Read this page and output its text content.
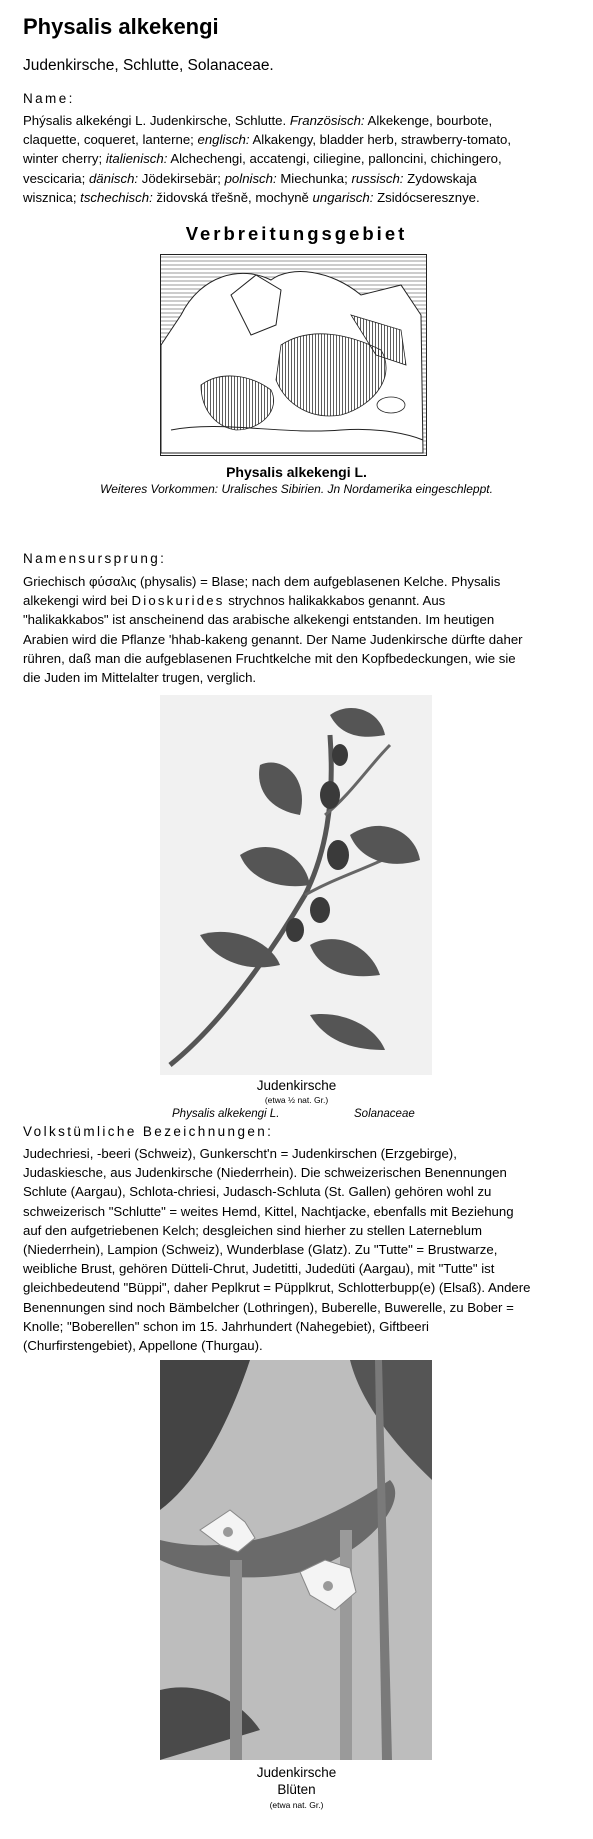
Physalis alkekengi
Judenkirsche, Schlutte, Solanaceae.
Name:
Phýsalis alkekéngi L. Judenkirsche, Schlutte. Französisch: Alkekenge, bourbote,
claquette, coqueret, lanterne; englisch: Alkakengy, bladder herb, strawberry-tomato,
winter cherry; italienisch: Alchechengi, accatengi, ciliegine, palloncini, chichingero,
vescicaria; dänisch: Jödekirsebär; polnisch: Miechunka; russisch: Zydowskaja
wisznica; tschechisch: židovská třešně, mochyně ungarisch: Zsidócseresznye.
Verbreitungsgebiet
Physalis alkekengi L.
Weiteres Vorkommen: Uralisches Sibirien. Jn Nordamerika eingeschleppt.
Namensursprung:
Griechisch φύσαλις (physalis) = Blase; nach dem aufgeblasenen Kelche. Physalis
alkekengi wird bei Dioskurides strychnos halikakkabos genannt. Aus
"halikakkabos" ist anscheinend das arabische alkekengi entstanden. Im heutigen
Arabien wird die Pflanze 'hhab-kakeng genannt. Der Name Judenkirsche dürfte daher
rühren, daß man die aufgeblasenen Fruchtkelche mit den Kopfbedeckungen, wie sie
die Juden im Mittelalter trugen, verglich.
Judenkirsche
(etwa ½ nat. Gr.)
Physalis alkekengi L.	Solanaceae
Volkstümliche Bezeichnungen:
Judechriesi, -beeri (Schweiz), Gunkerscht'n = Judenkirschen (Erzgebirge),
Judaskiesche, aus Judenkirsche (Niederrhein). Die schweizerischen Benennungen
Schlute (Aargau), Schlota-chriesi, Judasch-Schluta (St. Gallen) gehören wohl zu
schweizerisch "Schlutte" = weites Hemd, Kittel, Nachtjacke, ebenfalls mit Beziehung
auf den aufgetriebenen Kelch; desgleichen sind hierher zu stellen Laterneblum
(Niederrhein), Lampion (Schweiz), Wunderblase (Glatz). Zu "Tutte" = Brustwarze,
weibliche Brust, gehören Dütteli-Chrut, Judetitti, Judedüti (Aargau), mit "Tutte" ist
gleichbedeutend "Büppi", daher Peplkrut = Püpplkrut, Schlotterbupp(e) (Elsaß). Andere
Benennungen sind noch Bämbelcher (Lothringen), Buberelle, Buwerelle, zu Bober =
Knolle; "Boberellen" schon im 15. Jahrhundert (Nahegebiet), Giftbeeri
(Churfirstengebiet), Appellone (Thurgau).
Judenkirsche
Blüten
(etwa nat. Gr.)
